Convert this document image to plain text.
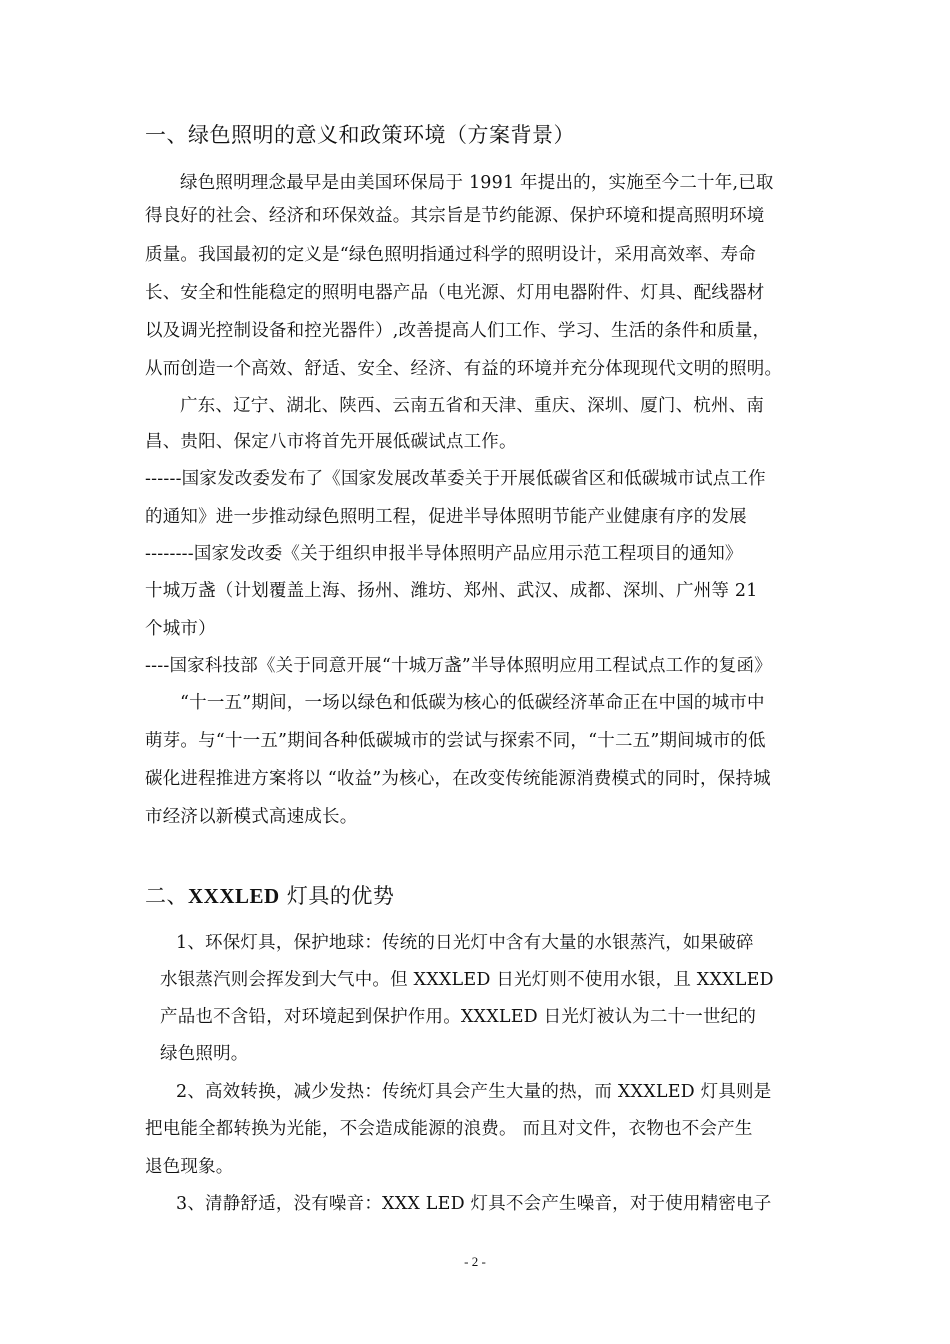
一、绿色照明的意义和政策环境（方案背景）
绿色照明理念最早是由美国环保局于 1991 年提出的，实施至今二十年,已取
得良好的社会、经济和环保效益。其宗旨是节约能源、保护环境和提高照明环境
质量。我国最初的定义是“绿色照明指通过科学的照明设计，采用高效率、寿命
长、安全和性能稳定的照明电器产品（电光源、灯用电器附件、灯具、配线器材
以及调光控制设备和控光器件）,改善提高人们工作、学习、生活的条件和质量，
从而创造一个高效、舒适、安全、经济、有益的环境并充分体现现代文明的照明。
广东、辽宁、湖北、陕西、云南五省和天津、重庆、深圳、厦门、杭州、南
昌、贵阳、保定八市将首先开展低碳试点工作。
------国家发改委发布了《国家发展改革委关于开展低碳省区和低碳城市试点工作
的通知》进一步推动绿色照明工程，促进半导体照明节能产业健康有序的发展
--------国家发改委《关于组织申报半导体照明产品应用示范工程项目的通知》
十城万盏（计划覆盖上海、扬州、潍坊、郑州、武汉、成都、深圳、广州等 21
个城市）
----国家科技部《关于同意开展“十城万盏”半导体照明应用工程试点工作的复函》
“十一五”期间，一场以绿色和低碳为核心的低碳经济革命正在中国的城市中
萌芽。与“十一五”期间各种低碳城市的尝试与探索不同，“十二五”期间城市的低
碳化进程推进方案将以 “收益”为核心，在改变传统能源消费模式的同时，保持城
市经济以新模式高速成长。
二、XXXLED 灯具的优势
1、环保灯具，保护地球：传统的日光灯中含有大量的水银蒸汽，如果破碎
水银蒸汽则会挥发到大气中。但 XXXLED 日光灯则不使用水银，且 XXXLED
产品也不含铅，对环境起到保护作用。XXXLED 日光灯被认为二十一世纪的
绿色照明。
2、高效转换，减少发热：传统灯具会产生大量的热，而 XXXLED 灯具则是
把电能全都转换为光能，不会造成能源的浪费。 而且对文件，衣物也不会产生
退色现象。
3、清静舒适，没有噪音：XXX LED 灯具不会产生噪音，对于使用精密电子
- 2 -
